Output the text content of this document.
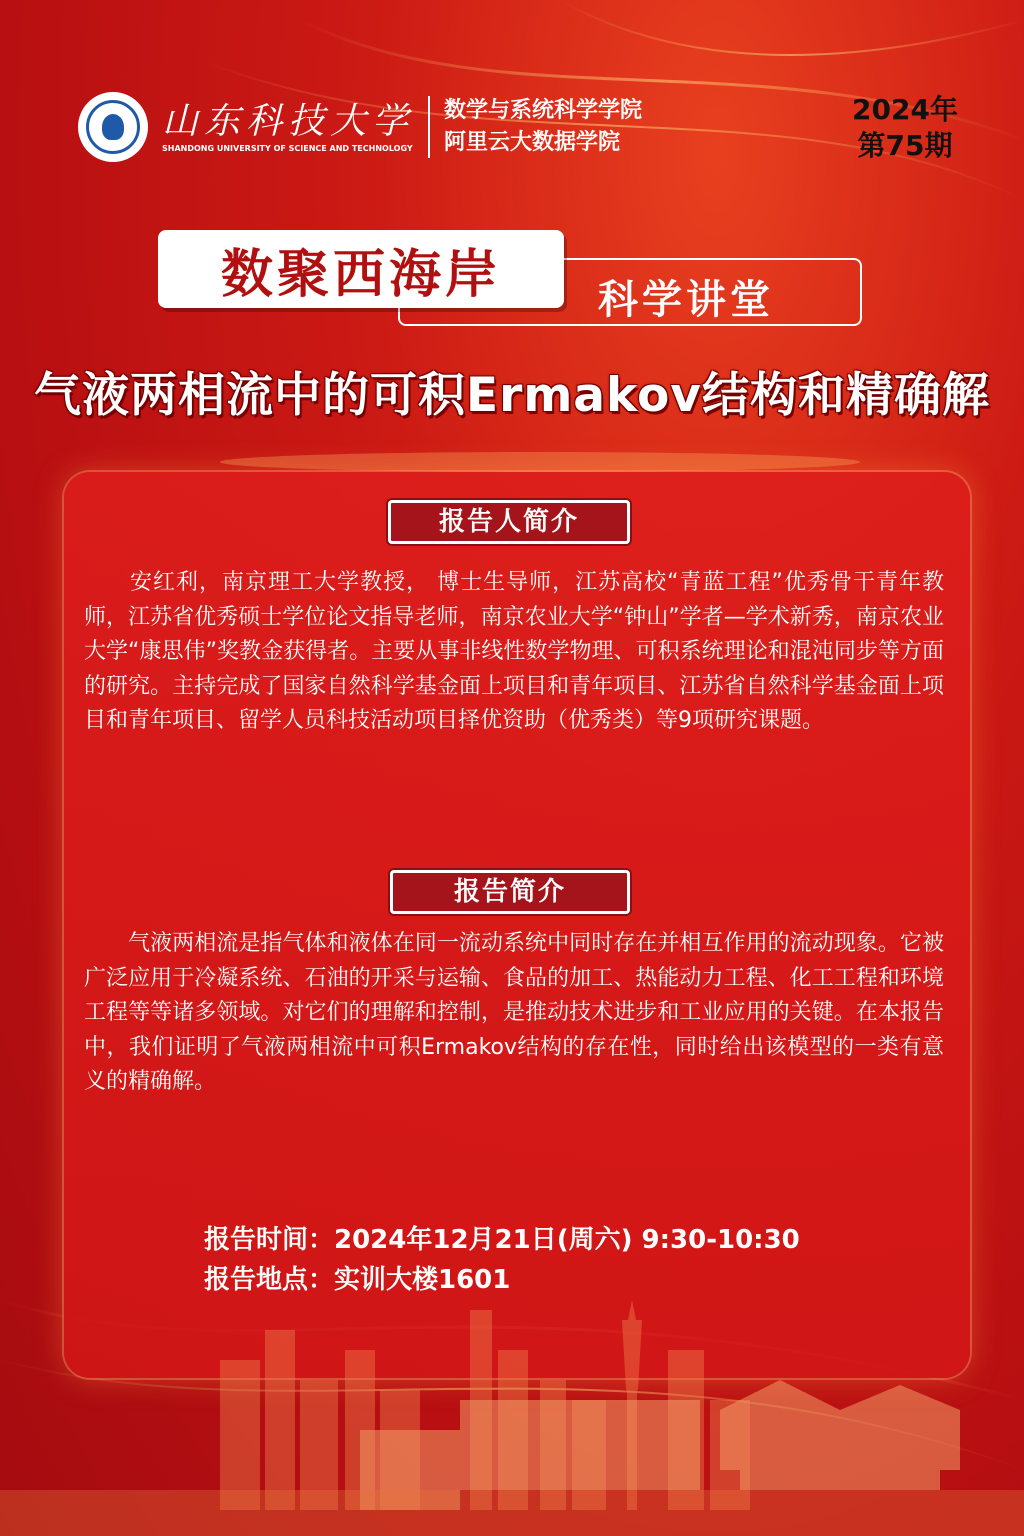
山东科技大学
SHANDONG UNIVERSITY OF SCIENCE AND TECHNOLOGY
数学与系统科学学院
阿里云大数据学院
2024年
第75期
数聚西海岸 科学讲堂
气液两相流中的可积Ermakov结构和精确解
报告人简介
　　安红利，南京理工大学教授， 博士生导师，江苏高校“青蓝工程”优秀骨干青年教师，江苏省优秀硕士学位论文指导老师，南京农业大学“钟山”学者—学术新秀，南京农业大学“康思伟”奖教金获得者。主要从事非线性数学物理、可积系统理论和混沌同步等方面的研究。主持完成了国家自然科学基金面上项目和青年项目、江苏省自然科学基金面上项目和青年项目、留学人员科技活动项目择优资助（优秀类）等9项研究课题。
报告简介
　　气液两相流是指气体和液体在同一流动系统中同时存在并相互作用的流动现象。它被广泛应用于冷凝系统、石油的开采与运输、食品的加工、热能动力工程、化工工程和环境工程等等诸多领域。对它们的理解和控制，是推动技术进步和工业应用的关键。在本报告中，我们证明了气液两相流中可积Ermakov结构的存在性，同时给出该模型的一类有意义的精确解。
报告时间：2024年12月21日(周六) 9:30-10:30
报告地点：实训大楼1601
